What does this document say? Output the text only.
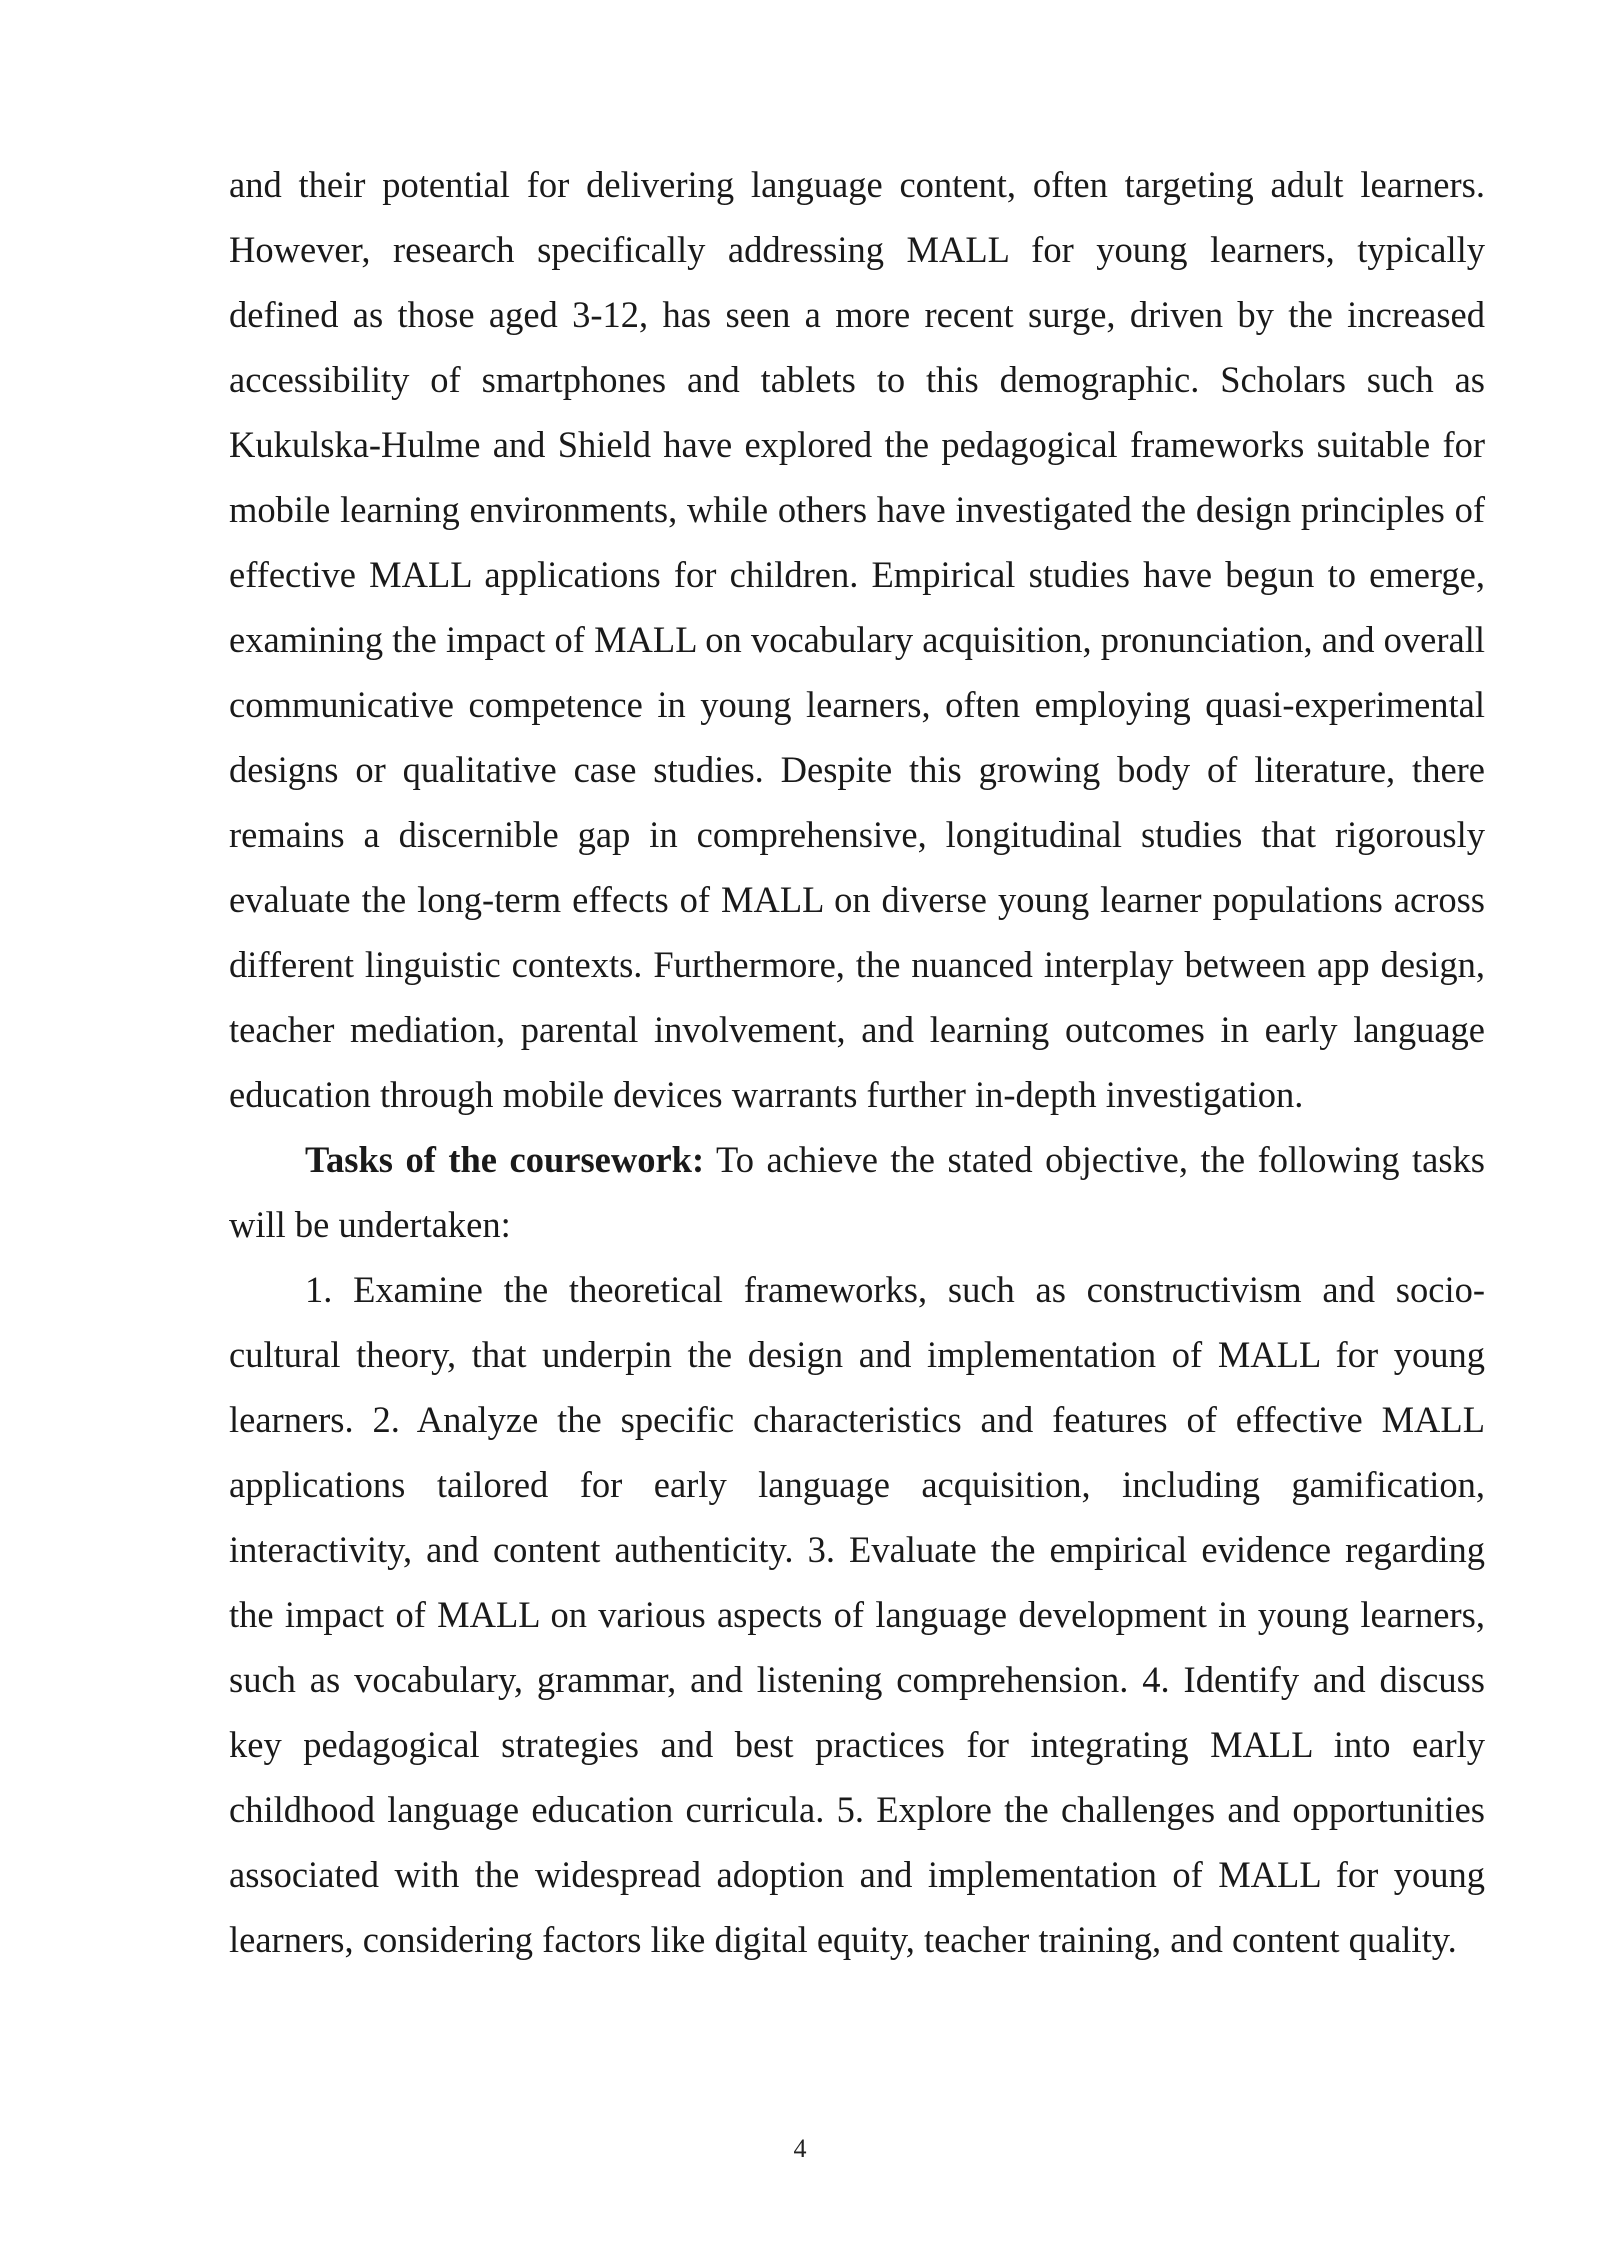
and their potential for delivering language content, often targeting adult learners. However, research specifically addressing MALL for young learners, typically defined as those aged 3-12, has seen a more recent surge, driven by the increased accessibility of smartphones and tablets to this demographic. Scholars such as Kukulska-Hulme and Shield have explored the pedagogical frameworks suitable for mobile learning environments, while others have investigated the design principles of effective MALL applications for children. Empirical studies have begun to emerge, examining the impact of MALL on vocabulary acquisition, pronunciation, and overall communicative competence in young learners, often employing quasi-experimental designs or qualitative case studies. Despite this growing body of literature, there remains a discernible gap in comprehensive, longitudinal studies that rigorously evaluate the long-term effects of MALL on diverse young learner populations across different linguistic contexts. Furthermore, the nuanced interplay between app design, teacher mediation, parental involvement, and learning outcomes in early language education through mobile devices warrants further in-depth investigation.

Tasks of the coursework: To achieve the stated objective, the following tasks will be undertaken:

1. Examine the theoretical frameworks, such as constructivism and socio-cultural theory, that underpin the design and implementation of MALL for young learners. 2. Analyze the specific characteristics and features of effective MALL applications tailored for early language acquisition, including gamification, interactivity, and content authenticity. 3. Evaluate the empirical evidence regarding the impact of MALL on various aspects of language development in young learners, such as vocabulary, grammar, and listening comprehension. 4. Identify and discuss key pedagogical strategies and best practices for integrating MALL into early childhood language education curricula. 5. Explore the challenges and opportunities associated with the widespread adoption and implementation of MALL for young learners, considering factors like digital equity, teacher training, and content quality.

4
